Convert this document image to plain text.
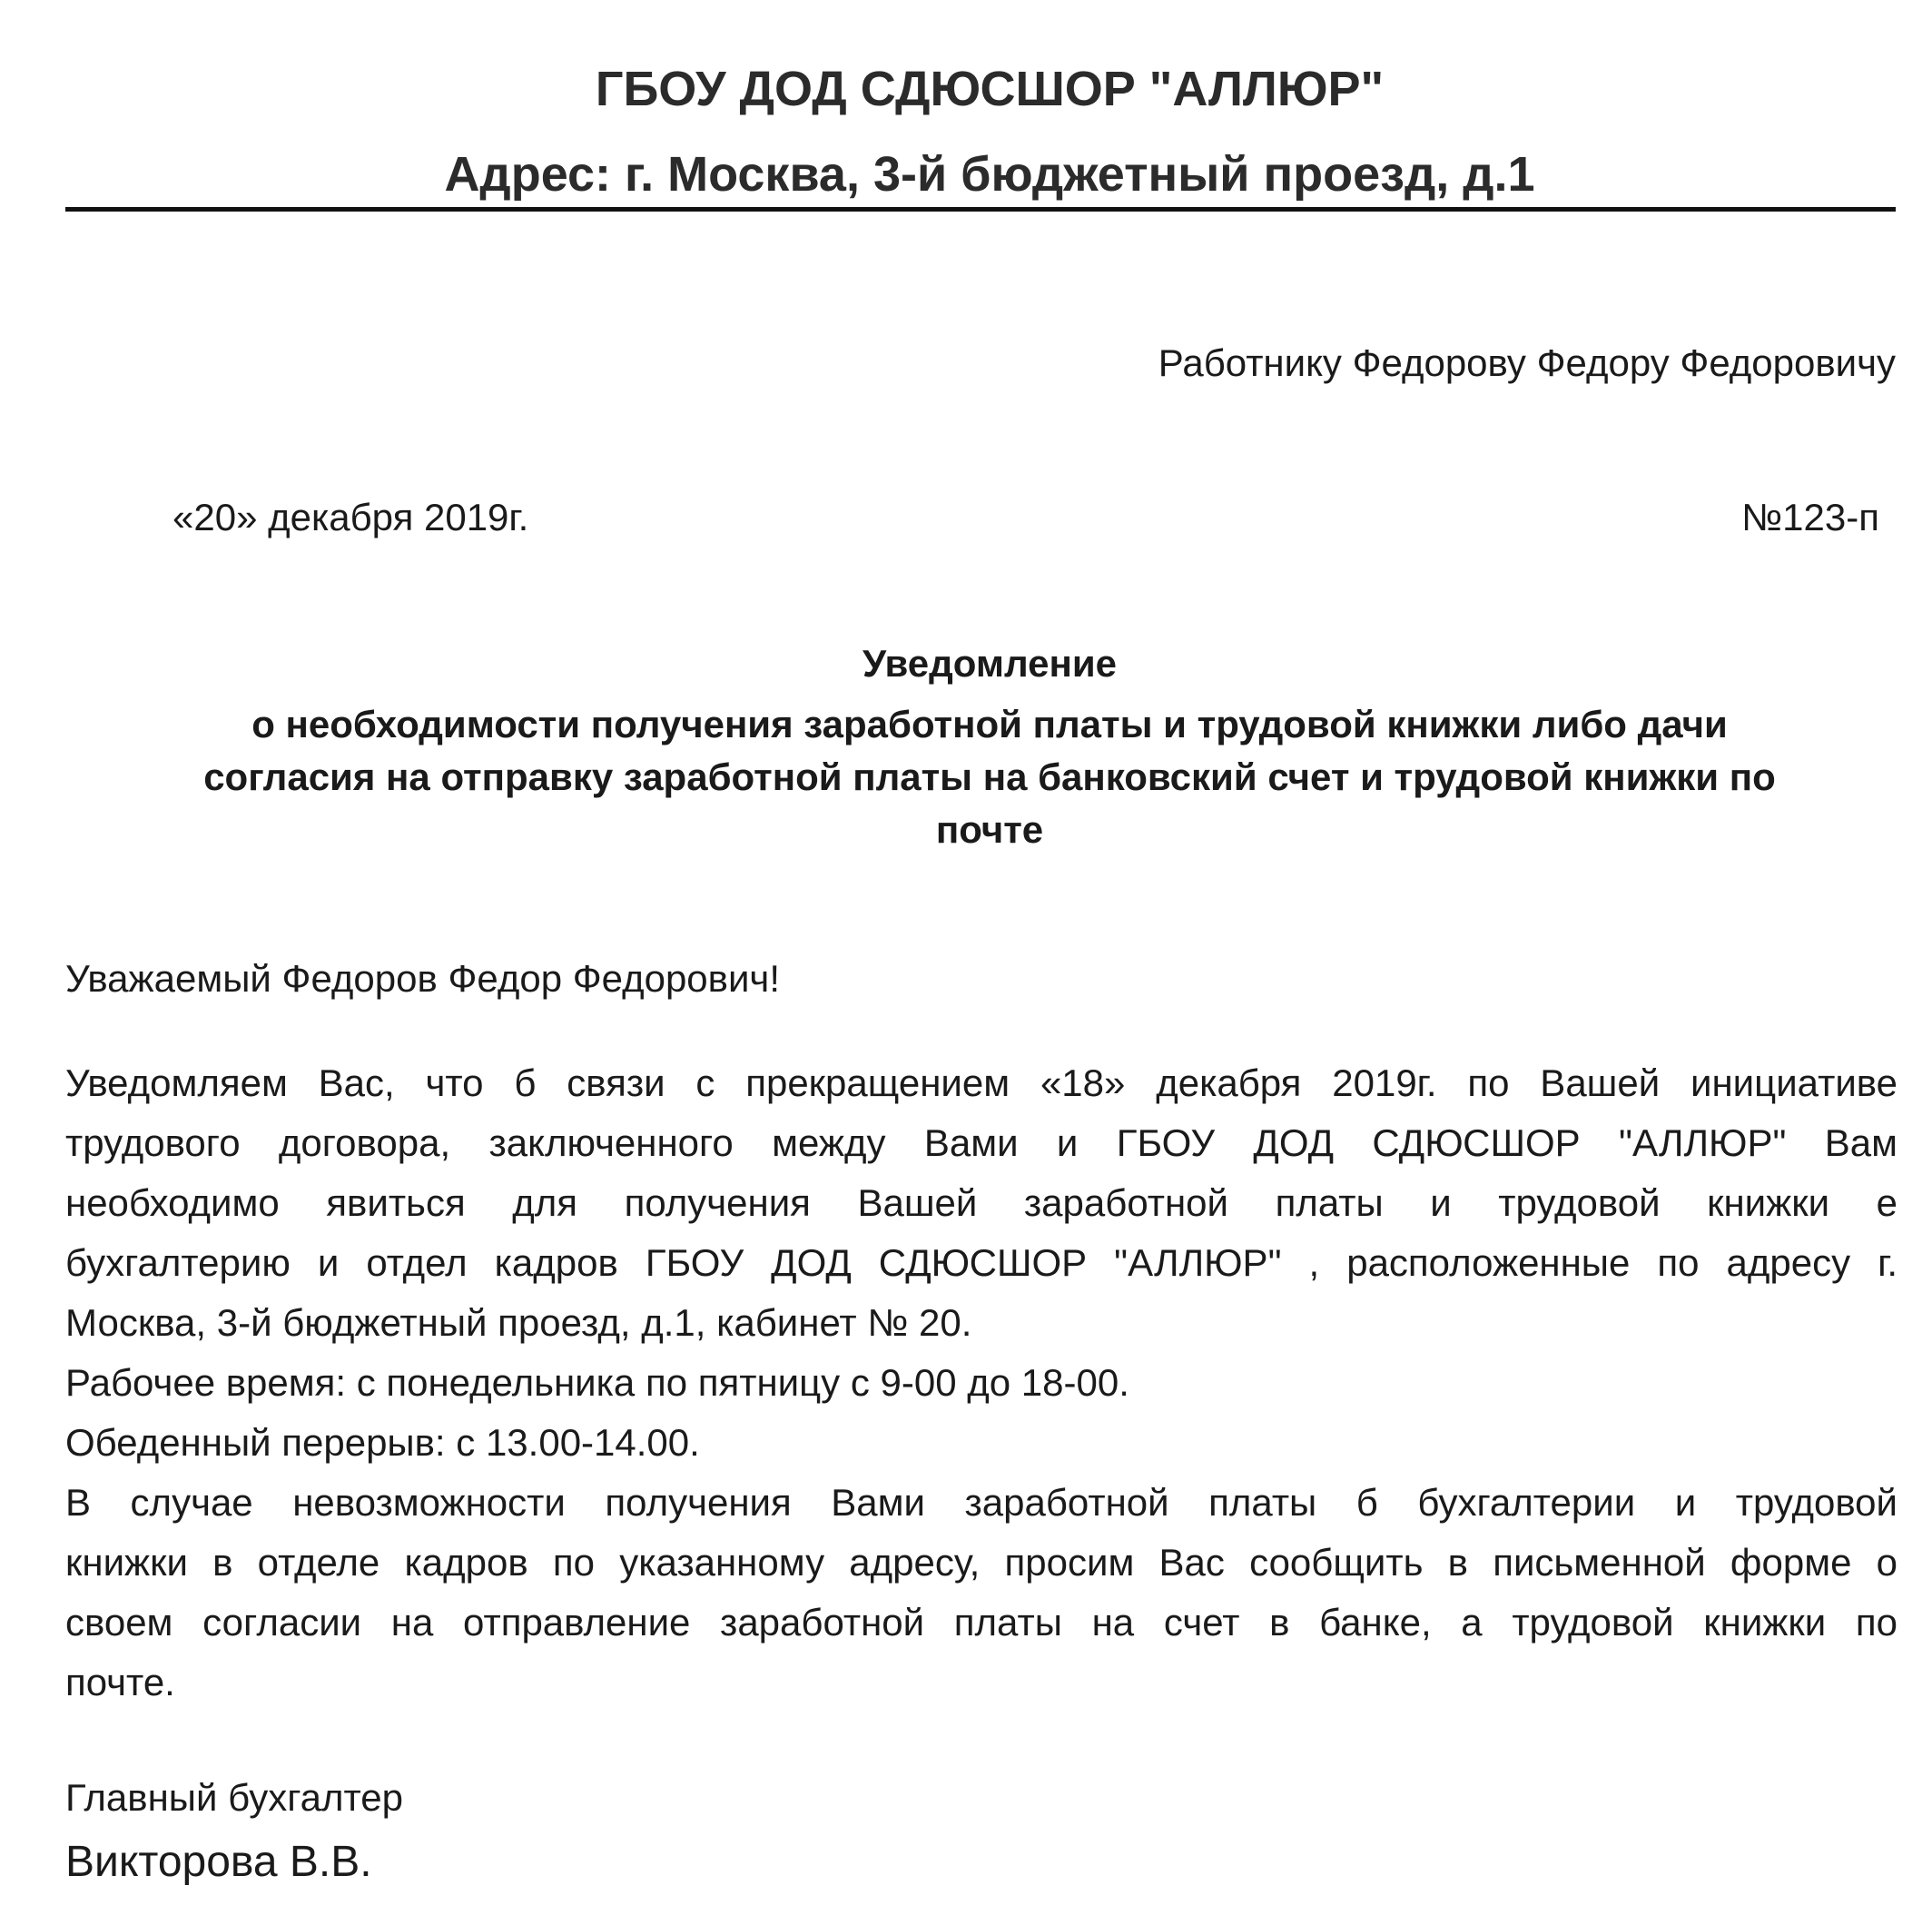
ГБОУ ДОД СДЮСШОР "АЛЛЮР"
Адрес: г. Москва, 3-й бюджетный проезд, д.1
Работнику Федорову Федору Федоровичу
«20» декабря 2019г.	№123-п
Уведомление
о необходимости получения заработной платы и трудовой книжки либо дачи
согласия на отправку заработной платы на банковский счет и трудовой книжки по
почте
Уважаемый Федоров Федор Федорович!
Уведомляем Вас, что б связи с прекращением «18» декабря 2019г. по Вашей инициативе
трудового договора, заключенного между Вами и ГБОУ ДОД СДЮСШОР "АЛЛЮР" Вам
необходимо явиться для получения Вашей заработной платы и трудовой книжки е
бухгалтерию и отдел кадров ГБОУ ДОД СДЮСШОР "АЛЛЮР" , расположенные по адресу г.
Москва, 3-й бюджетный проезд, д.1, кабинет № 20.
Рабочее время: с понедельника по пятницу с 9-00 до 18-00.
Обеденный перерыв: с 13.00-14.00.
В случае невозможности получения Вами заработной платы б бухгалтерии и трудовой
книжки в отделе кадров по указанному адресу, просим Вас сообщить в письменной форме о
своем согласии на отправление заработной платы на счет в банке, а трудовой книжки по
почте.
Главный бухгалтер
Викторова В.В.
